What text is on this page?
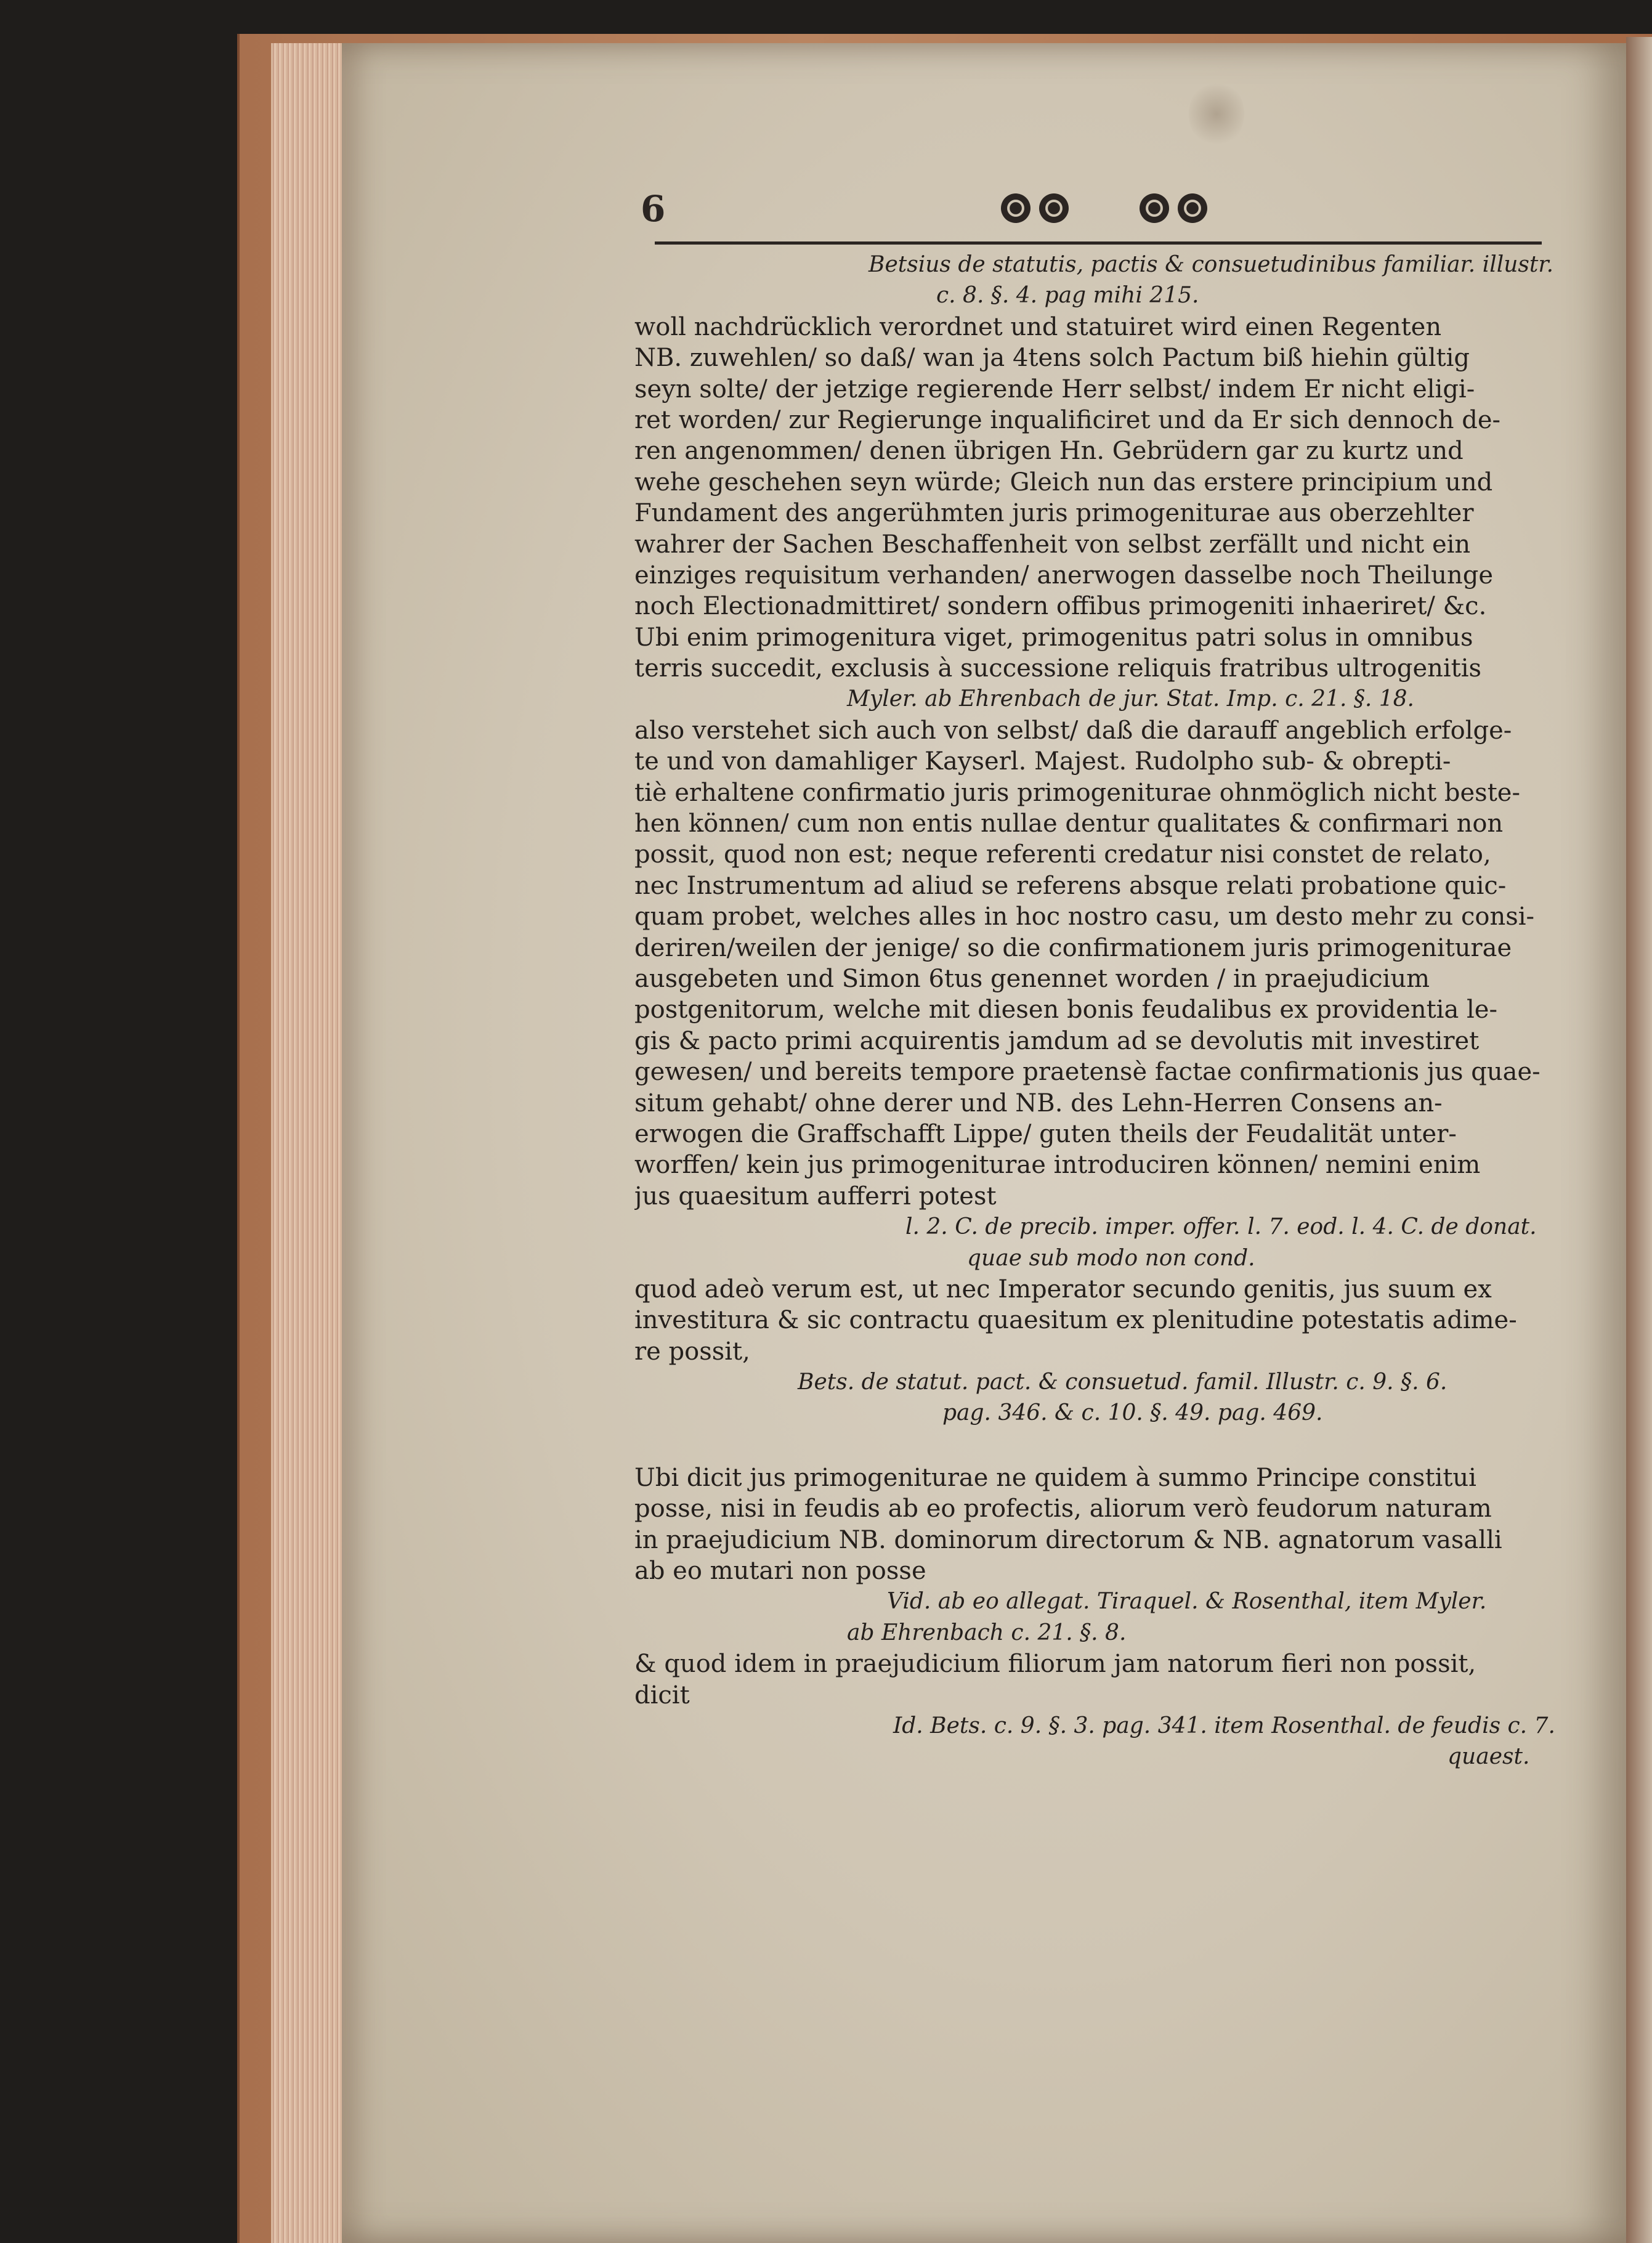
6
Betsius de statutis, pactis & consuetudinibus familiar. illustr.
c. 8. §. 4. pag mihi 215.
woll nachdrücklich verordnet und statuiret wird einen Regenten
NB. zuwehlen/ so daß/ wan ja 4tens solch Pactum biß hiehin gültig
seyn solte/ der jetzige regierende Herr selbst/ indem Er nicht eligi-
ret worden/ zur Regierunge inqualificiret und da Er sich dennoch de-
ren angenommen/ denen übrigen Hn. Gebrüdern gar zu kurtz und
wehe geschehen seyn würde; Gleich nun das erstere principium und
Fundament des angerühmten juris primogeniturae aus oberzehlter
wahrer der Sachen Beschaffenheit von selbst zerfällt und nicht ein
einziges requisitum verhanden/ anerwogen dasselbe noch Theilunge
noch Electionadmittiret/ sondern offibus primogeniti inhaeriret/ &c.
Ubi enim primogenitura viget, primogenitus patri solus in omnibus
terris succedit, exclusis à successione reliquis fratribus ultrogenitis
Myler. ab Ehrenbach de jur. Stat. Imp. c. 21. §. 18.
also verstehet sich auch von selbst/ daß die darauff angeblich erfolge-
te und von damahliger Kayserl. Majest. Rudolpho sub- & obrepti-
tiè erhaltene confirmatio juris primogeniturae ohnmöglich nicht beste-
hen können/ cum non entis nullae dentur qualitates & confirmari non
possit, quod non est; neque referenti credatur nisi constet de relato,
nec Instrumentum ad aliud se referens absque relati probatione quic-
quam probet, welches alles in hoc nostro casu, um desto mehr zu consi-
deriren/weilen der jenige/ so die confirmationem juris primogeniturae
ausgebeten und Simon 6tus genennet worden / in praejudicium
postgenitorum, welche mit diesen bonis feudalibus ex providentia le-
gis & pacto primi acquirentis jamdum ad se devolutis mit investiret
gewesen/ und bereits tempore praetensè factae confirmationis jus quae-
situm gehabt/ ohne derer und NB. des Lehn-Herren Consens an-
erwogen die Graffschafft Lippe/ guten theils der Feudalität unter-
worffen/ kein jus primogeniturae introduciren können/ nemini enim
jus quaesitum aufferri potest
l. 2. C. de precib. imper. offer. l. 7. eod. l. 4. C. de donat.
quae sub modo non cond.
quod adeò verum est, ut nec Imperator secundo genitis, jus suum ex
investitura & sic contractu quaesitum ex plenitudine potestatis adime-
re possit,
Bets. de statut. pact. & consuetud. famil. Illustr. c. 9. §. 6.
pag. 346. & c. 10. §. 49. pag. 469.
Ubi dicit jus primogeniturae ne quidem à summo Principe constitui
posse, nisi in feudis ab eo profectis, aliorum verò feudorum naturam
in praejudicium NB. dominorum directorum & NB. agnatorum vasalli
ab eo mutari non posse
Vid. ab eo allegat. Tiraquel. & Rosenthal, item Myler.
ab Ehrenbach c. 21. §. 8.
& quod idem in praejudicium filiorum jam natorum fieri non possit,
dicit
Id. Bets. c. 9. §. 3. pag. 341. item Rosenthal. de feudis c. 7.
quaest.
